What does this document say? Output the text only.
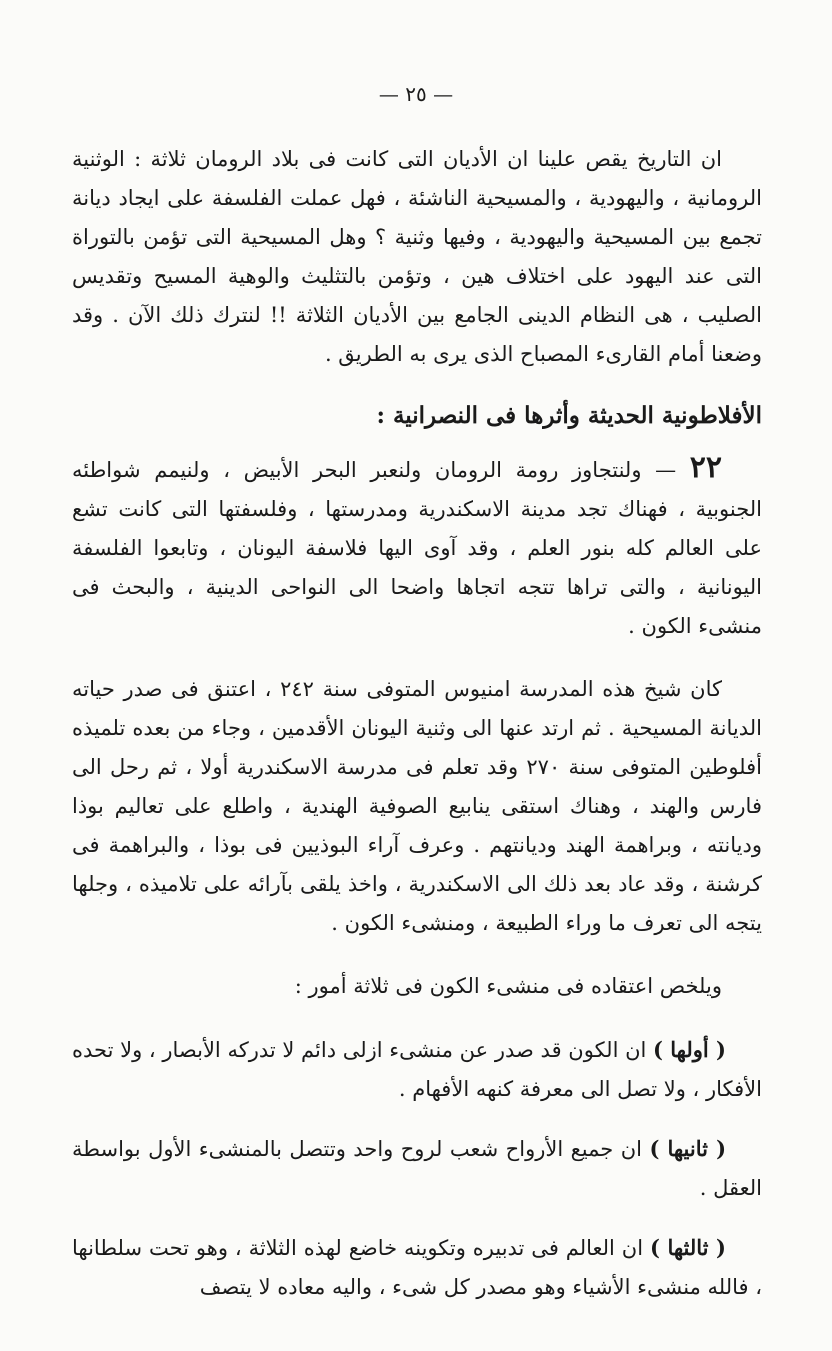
— ٢٥ —

ان التاريخ يقص علينا ان الأديان التى كانت فى بلاد الرومان ثلاثة : الوثنية الرومانية ، واليهودية ، والمسيحية الناشئة ، فهل عملت الفلسفة على ايجاد ديانة تجمع بين المسيحية واليهودية ، وفيها وثنية ؟ وهل المسيحية التى تؤمن بالتوراة التى عند اليهود على اختلاف هين ، وتؤمن بالتثليث والوهية المسيح وتقديس الصليب ، هى النظام الدينى الجامع بين الأديان الثلاثة !! لنترك ذلك الآن . وقد وضعنا أمام القارىء المصباح الذى يرى به الطريق .

الأفلاطونية الحديثة وأثرها فى النصرانية :

٢٢ — ولنتجاوز رومة الرومان ولنعبر البحر الأبيض ، ولنيمم شواطئه الجنوبية ، فهناك تجد مدينة الاسكندرية ومدرستها ، وفلسفتها التى كانت تشع على العالم كله بنور العلم ، وقد آوى اليها فلاسفة اليونان ، وتابعوا الفلسفة اليونانية ، والتى تراها تتجه اتجاها واضحا الى النواحى الدينية ، والبحث فى منشىء الكون .

كان شيخ هذه المدرسة امنيوس المتوفى سنة ٢٤٢ ، اعتنق فى صدر حياته الديانة المسيحية . ثم ارتد عنها الى وثنية اليونان الأقدمين ، وجاء من بعده تلميذه أفلوطين المتوفى سنة ٢٧٠ وقد تعلم فى مدرسة الاسكندرية أولا ، ثم رحل الى فارس والهند ، وهناك استقى ينابيع الصوفية الهندية ، واطلع على تعاليم بوذا وديانته ، وبراهمة الهند وديانتهم . وعرف آراء البوذيين فى بوذا ، والبراهمة فى كرشنة ، وقد عاد بعد ذلك الى الاسكندرية ، واخذ يلقى بآرائه على تلاميذه ، وجلها يتجه الى تعرف ما وراء الطبيعة ، ومنشىء الكون .

ويلخص اعتقاده فى منشىء الكون فى ثلاثة أمور :

( أولها ) ان الكون قد صدر عن منشىء ازلى دائم لا تدركه الأبصار ، ولا تحده الأفكار ، ولا تصل الى معرفة كنهه الأفهام .

( ثانيها ) ان جميع الأرواح شعب لروح واحد وتتصل بالمنشىء الأول بواسطة العقل .

( ثالثها ) ان العالم فى تدبيره وتكوينه خاضع لهذه الثلاثة ، وهو تحت سلطانها ، فالله منشىء الأشياء وهو مصدر كل شىء ، واليه معاده لا يتصف
